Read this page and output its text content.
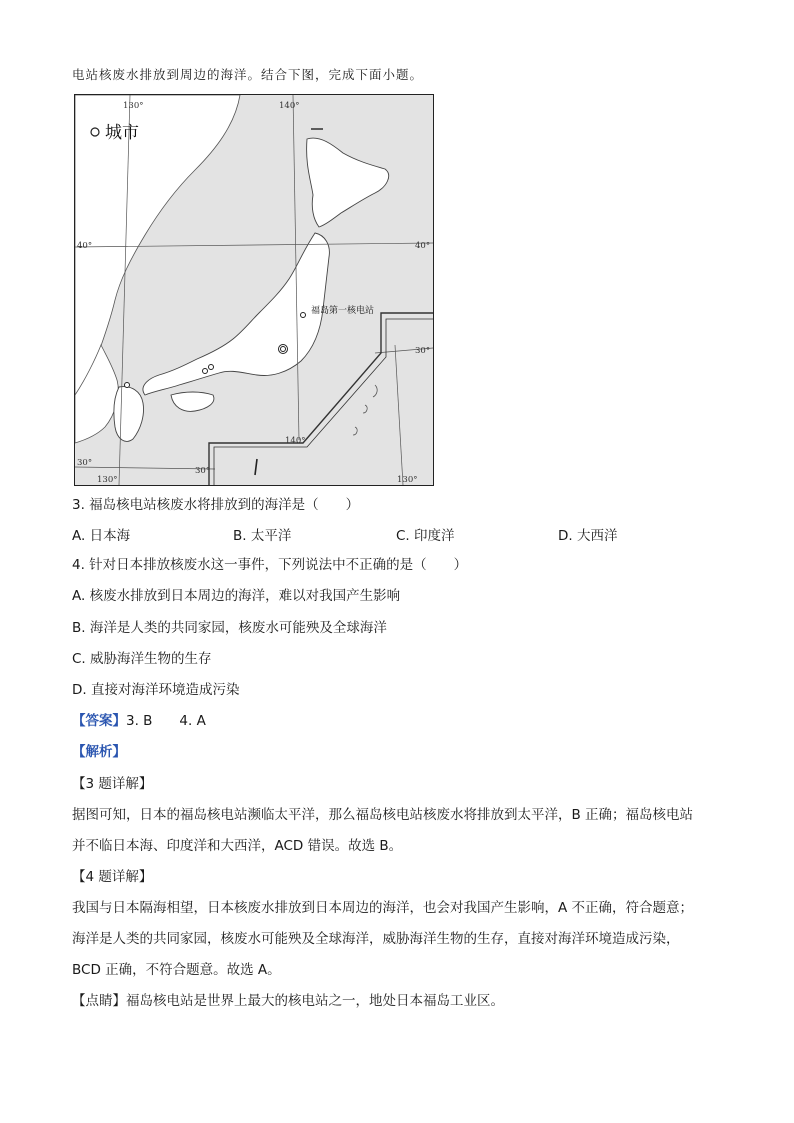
电站核废水排放到周边的海洋。结合下图，完成下面小题。
城市
福岛第一核电站
130°	140°
140°
130°	130°
40°	40°
30°
30°
30°
3. 福岛核电站核废水将排放到的海洋是（　　）
A. 日本海	B. 太平洋	C. 印度洋	D. 大西洋
4. 针对日本排放核废水这一事件，下列说法中不正确的是（　　）
A. 核废水排放到日本周边的海洋，难以对我国产生影响
B. 海洋是人类的共同家园，核废水可能殃及全球海洋
C. 威胁海洋生物的生存
D. 直接对海洋环境造成污染
【答案】3. B　　4. A
【解析】
【3 题详解】
据图可知，日本的福岛核电站濒临太平洋，那么福岛核电站核废水将排放到太平洋，B 正确；福岛核电站
并不临日本海、印度洋和大西洋，ACD 错误。故选 B。
【4 题详解】
我国与日本隔海相望，日本核废水排放到日本周边的海洋，也会对我国产生影响，A 不正确，符合题意；
海洋是人类的共同家园，核废水可能殃及全球海洋，威胁海洋生物的生存，直接对海洋环境造成污染，
BCD 正确，不符合题意。故选 A。
【点睛】福岛核电站是世界上最大的核电站之一，地处日本福岛工业区。
